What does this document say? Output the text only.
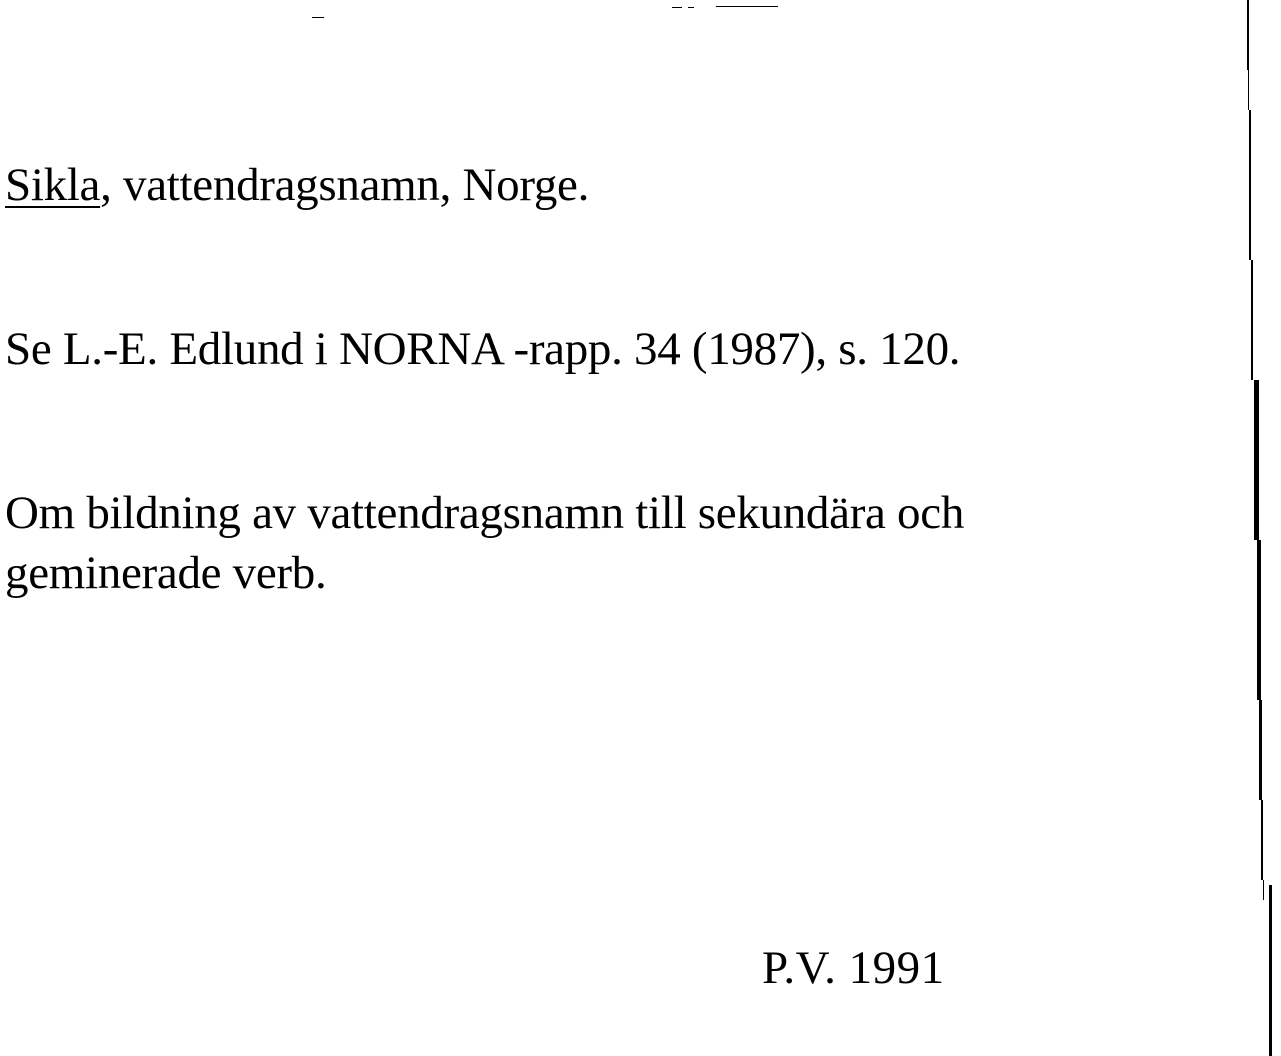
Sikla, vattendragsnamn, Norge.
Se L.-E. Edlund i NORNA -rapp. 34 (1987), s. 120.
Om bildning av vattendragsnamn till sekundära och
geminerade verb.
P.V. 1991
